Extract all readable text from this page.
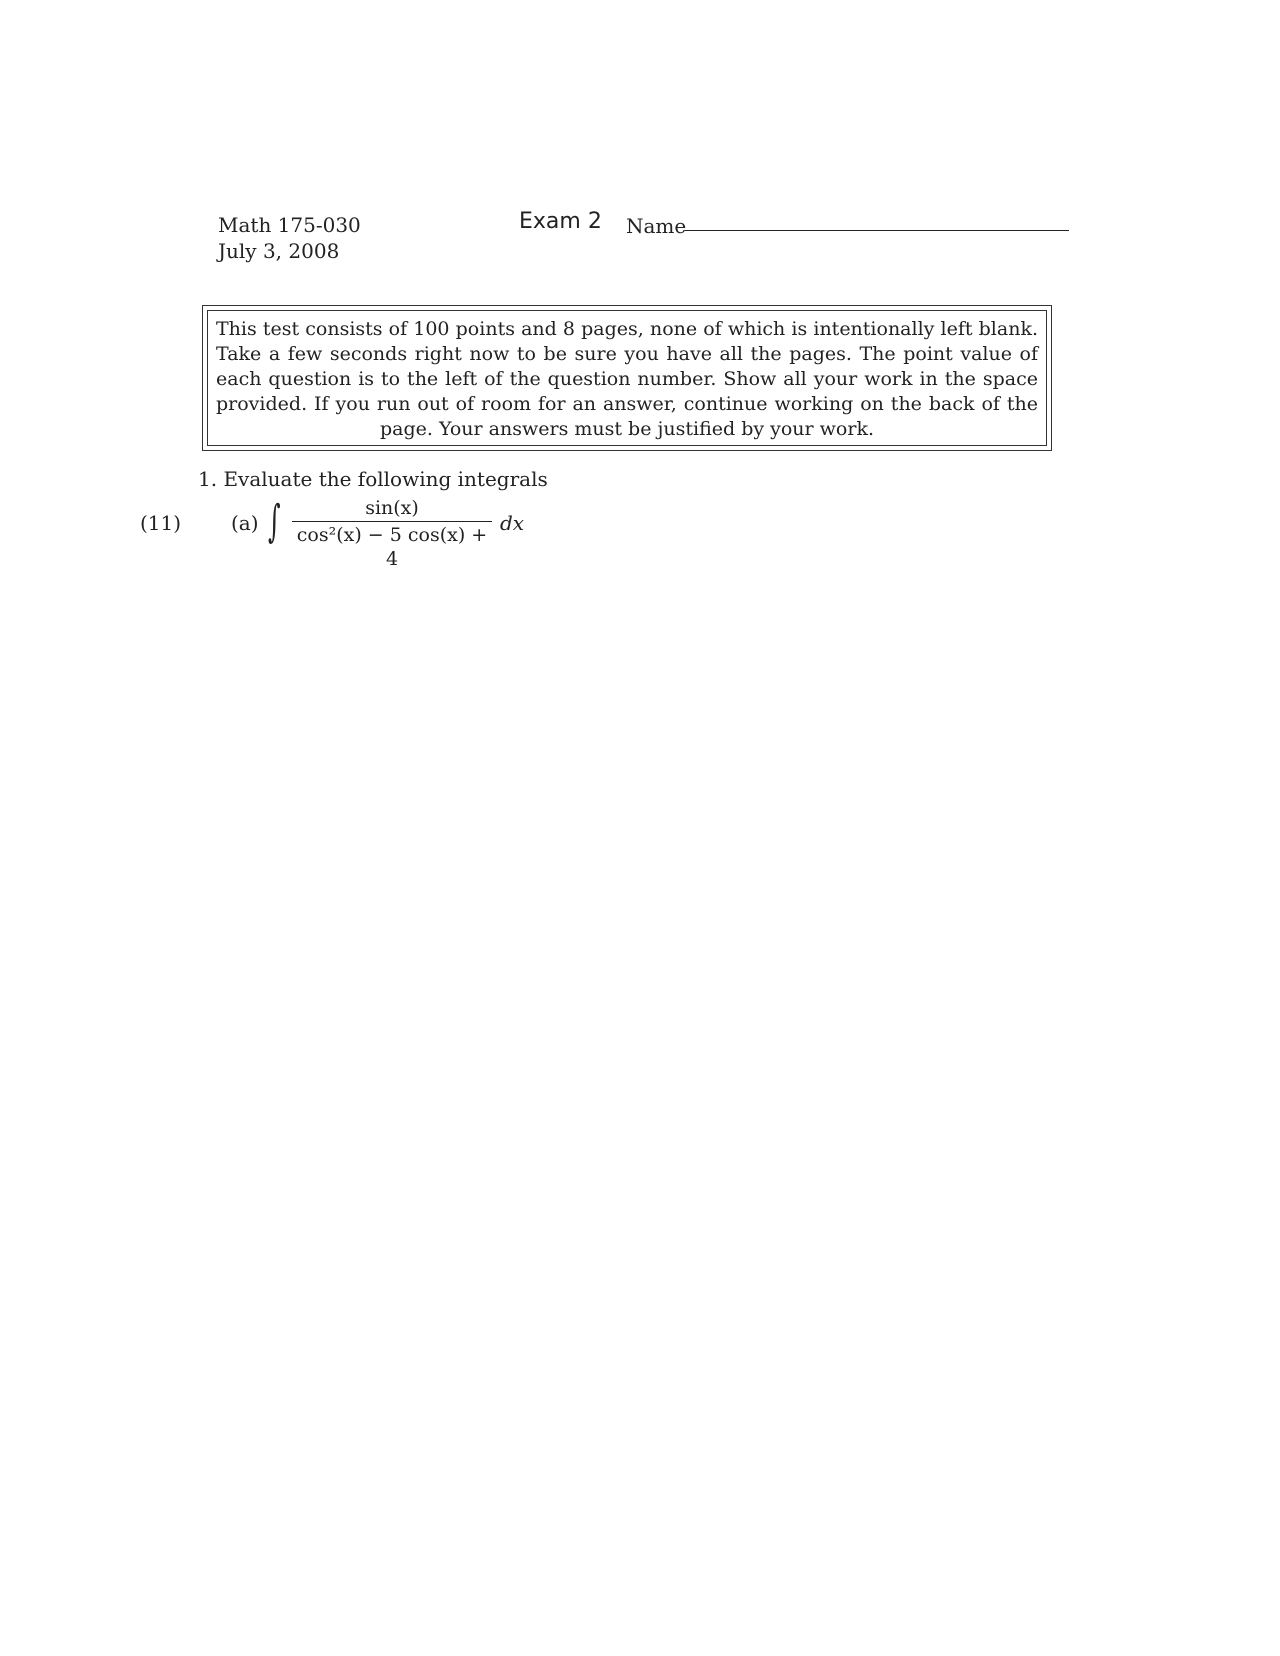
Math 175-030
July 3, 2008
Exam 2 Name
This test consists of 100 points and 8 pages, none of which is intentionally left blank. Take a few seconds right now to be sure you have all the pages. The point value of each question is to the left of the question number. Show all your work in the space provided. If you run out of room for an answer, continue working on the back of the page. Your answers must be justified by your work.
1. Evaluate the following integrals
(11) (a) ∫	sin(x)
cos²(x) − 5 cos(x) + 4
dx
